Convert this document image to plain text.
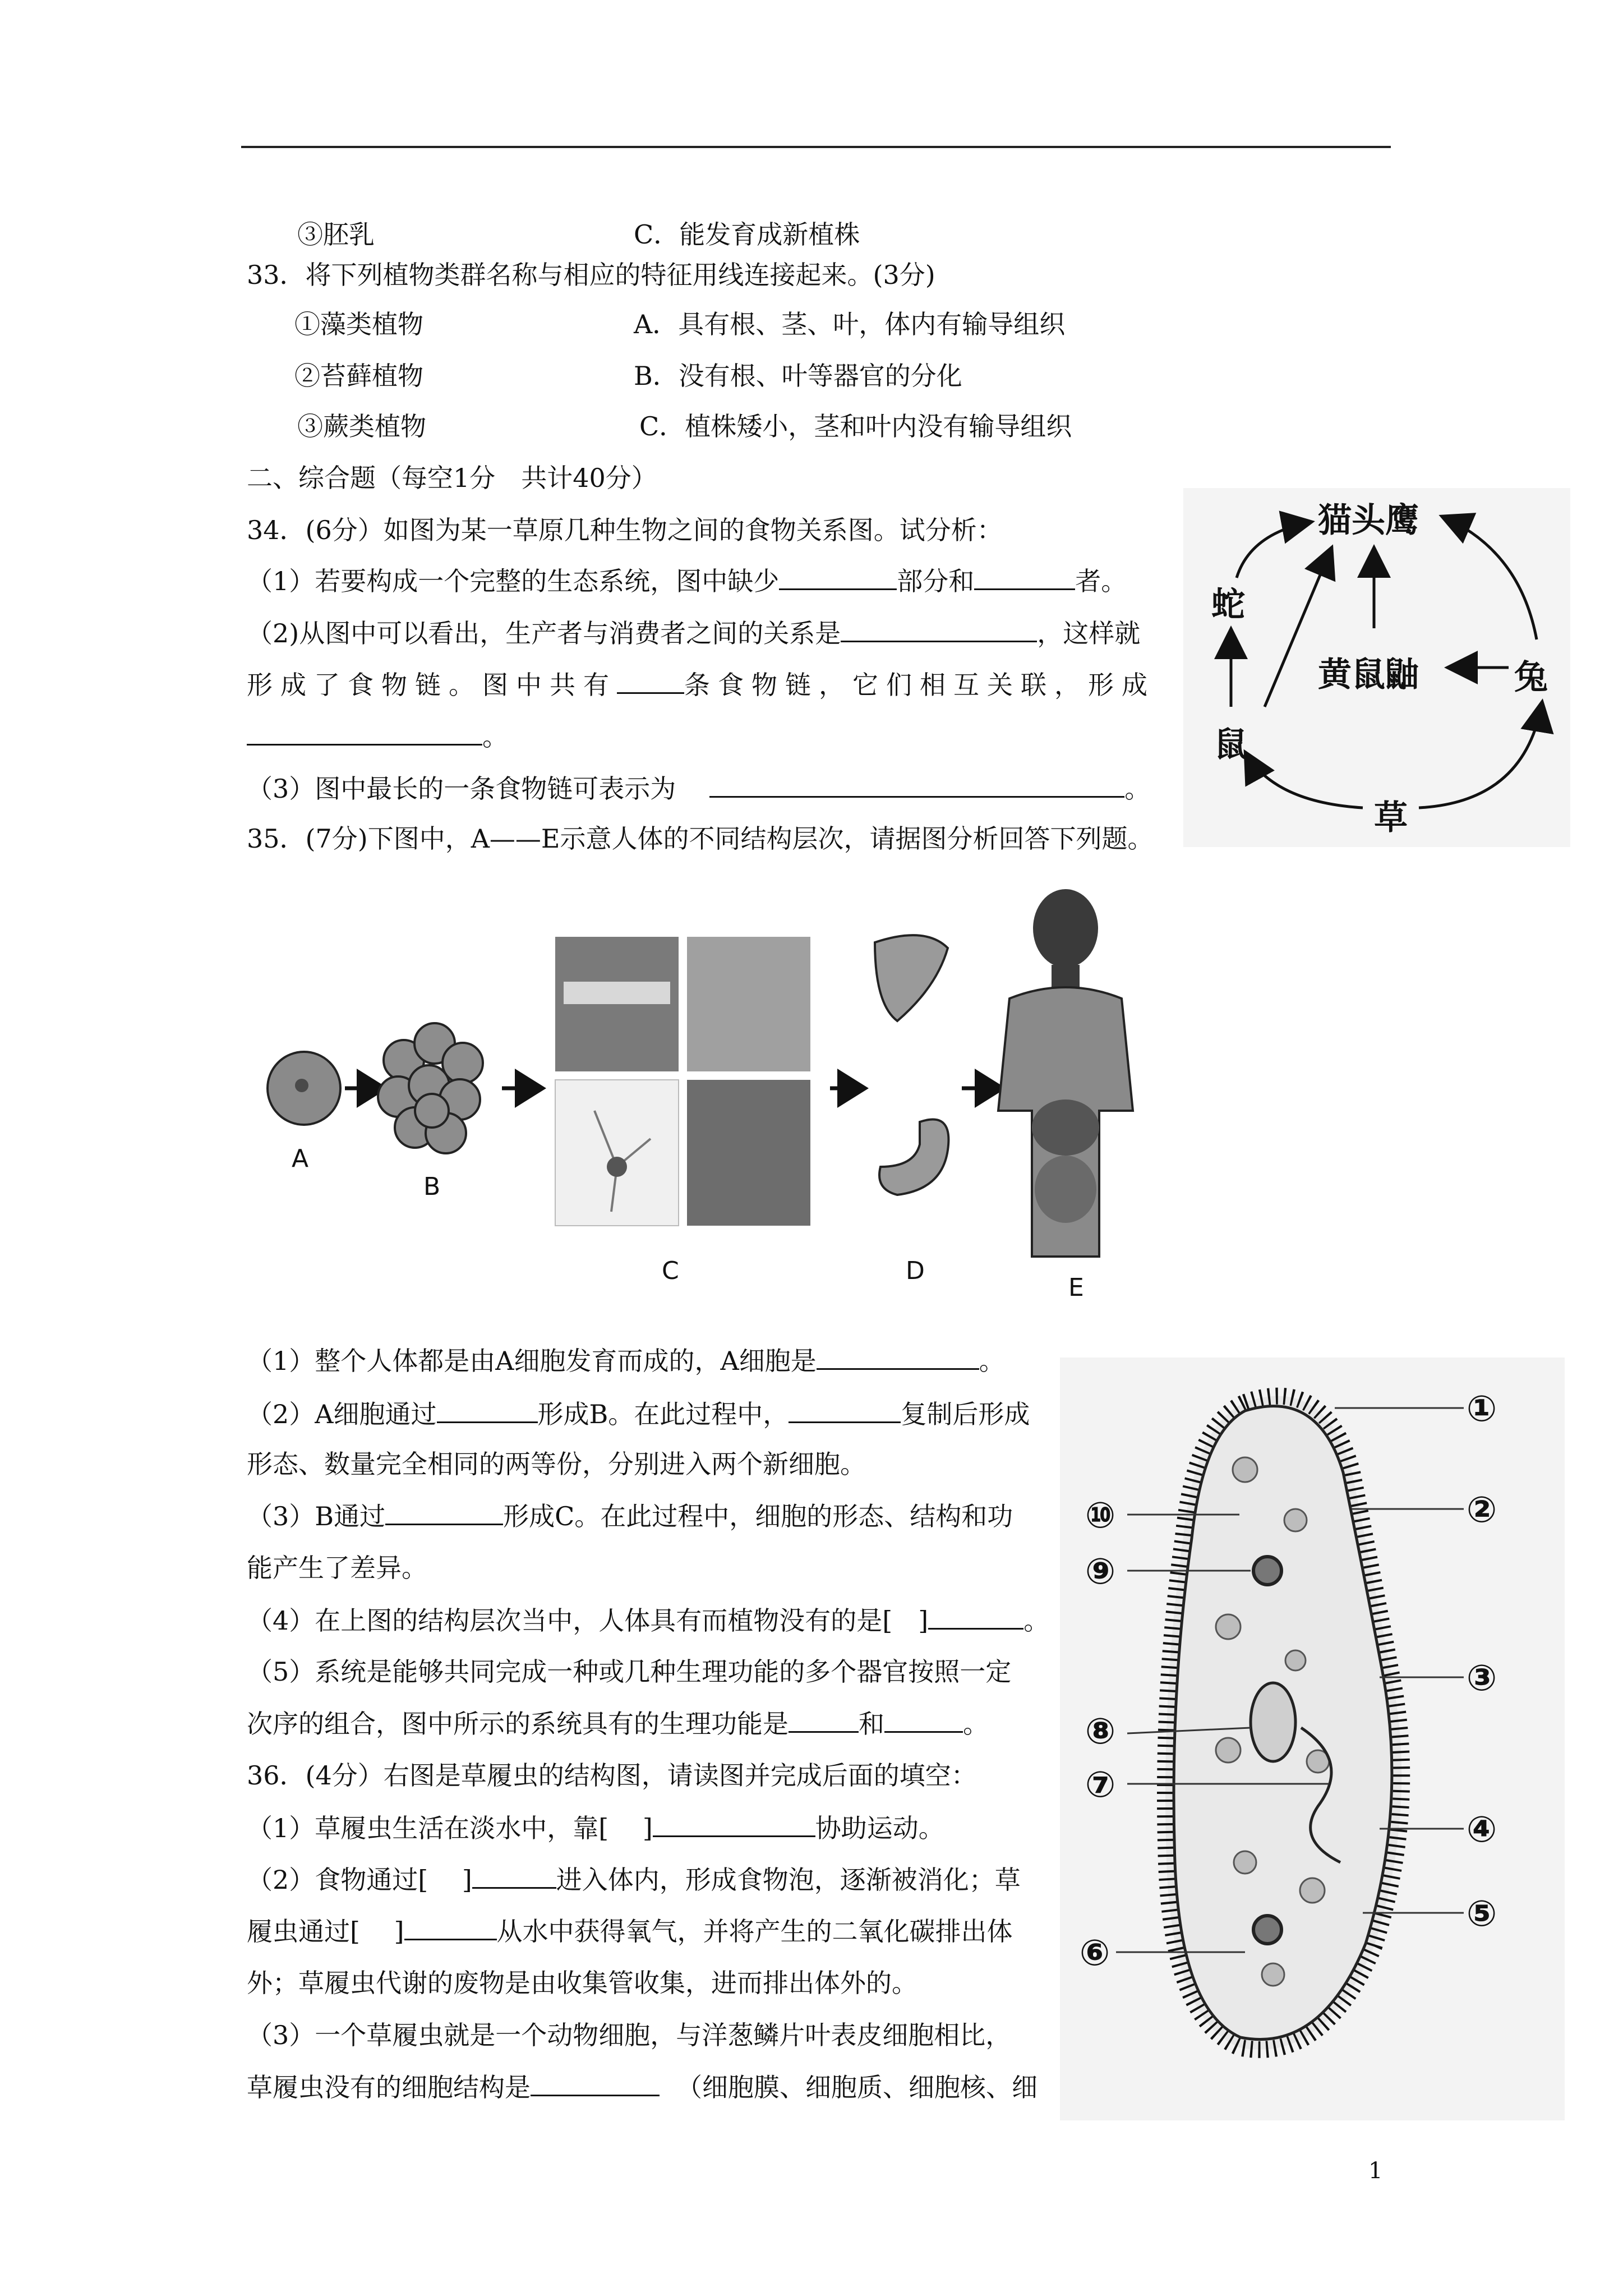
③胚乳	C．能发育成新植株
33．将下列植物类群名称与相应的特征用线连接起来。(3分)
①藻类植物	A．具有根、茎、叶，体内有输导组织
②苔藓植物	B．没有根、叶等器官的分化
③蕨类植物	C．植株矮小，茎和叶内没有输导组织
二、综合题（每空1分　共计40分）
34．(6分）如图为某一草原几种生物之间的食物关系图。试分析：
（1）若要构成一个完整的生态系统，图中缺少	部分和	者。
（2)从图中可以看出，生产者与消费者之间的关系是	，这样就
形成了食物链。图中共有	条食物链，它们相互关联，形成
。
（3）图中最长的一条食物链可表示为	。
猫头鹰
蛇
黄鼠鼬	兔
鼠
草
35．(7分)下图中，A——E示意人体的不同结构层次，请据图分析回答下列题。
A
B
C	D
E
（1）整个人体都是由A细胞发育而成的，A细胞是	。
（2）A细胞通过	形成B。在此过程中，	复制后形成
形态、数量完全相同的两等份，分别进入两个新细胞。
（3）B通过	形成C。在此过程中，细胞的形态、结构和功
能产生了差异。
（4）在上图的结构层次当中，人体具有而植物没有的是[　]	。
（5）系统是能够共同完成一种或几种生理功能的多个器官按照一定
次序的组合，图中所示的系统具有的生理功能是	和	。
36．(4分）右图是草履虫的结构图，请读图并完成后面的填空：
（1）草履虫生活在淡水中，靠[　 ]	协助运动。
（2）食物通过[　 ]	进入体内，形成食物泡，逐渐被消化；草
履虫通过[　 ]	从水中获得氧气，并将产生的二氧化碳排出体
外；草履虫代谢的废物是由收集管收集，进而排出体外的。
（3）一个草履虫就是一个动物细胞，与洋葱鳞片叶表皮细胞相比，
草履虫没有的细胞结构是	（细胞膜、细胞质、细胞核、细
①
②
③
④
⑤
⑥
⑦
⑧
⑨
⑩
1
